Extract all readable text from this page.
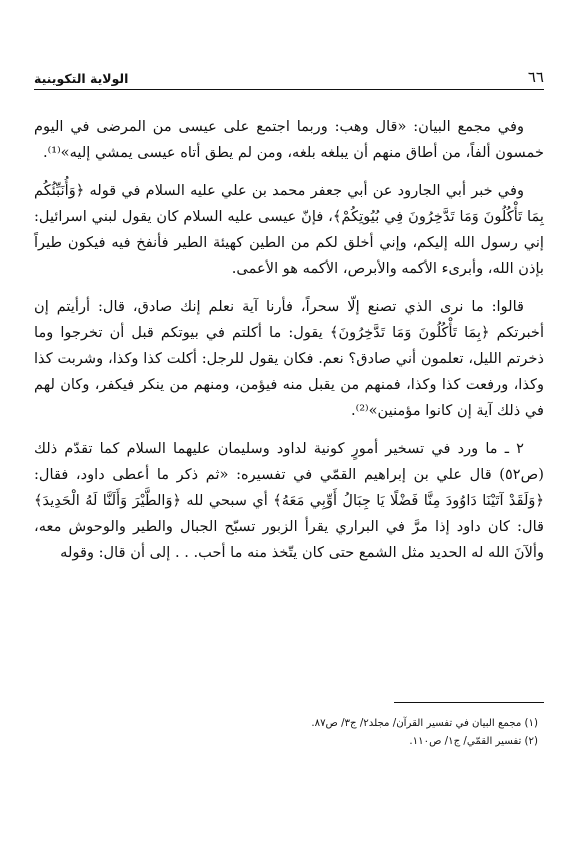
٦٦
الولاية التكوينية

وفي مجمع البيان: «قال وهب: وربما اجتمع على عيسى من المرضى في اليوم خمسون ألفاً، من أطاق منهم أن يبلغه بلغه، ومن لم يطق أتاه عيسى يمشي إليه»⁽¹⁾.

وفي خبر أبي الجارود عن أبي جعفر محمد بن علي عليه السلام في قوله ﴿وَأُنَبِّئُكُم بِمَا تَأْكُلُونَ وَمَا تَدَّخِرُونَ فِي بُيُوتِكُمْ﴾، فإنّ عيسى عليه السلام كان يقول لبني اسرائيل: إني رسول الله إليكم، وإني أخلق لكم من الطين كهيئة الطير فأنفخ فيه فيكون طيراً بإذن الله، وأبرىء الأكمه والأبرص، الأكمه هو الأعمى.

قالوا: ما نرى الذي تصنع إلّا سحراً، فأرنا آية نعلم إنك صادق، قال: أرأيتم إن أخبرتكم ﴿بِمَا تَأْكُلُونَ وَمَا تَدَّخِرُونَ﴾ يقول: ما أكلتم في بيوتكم قبل أن تخرجوا وما ذخرتم الليل، تعلمون أني صادق؟ نعم. فكان يقول للرجل: أكلت كذا وكذا، وشربت كذا وكذا، ورفعت كذا وكذا، فمنهم من يقبل منه فيؤمن، ومنهم من ينكر فيكفر، وكان لهم في ذلك آية إن كانوا مؤمنين»⁽²⁾.

٢ ـ ما ورد في تسخير أمورٍ كونية لداود وسليمان عليهما السلام كما تقدّم ذلك (ص٥٢) قال علي بن إبراهيم القمّي في تفسيره: «ثم ذكر ما أعطى داود، فقال: ﴿وَلَقَدْ آتَيْنَا دَاوُودَ مِنَّا فَضْلًا يَا جِبَالُ أَوِّبِي مَعَهُ﴾ أي سبحي لله ﴿وَالطَّيْرَ وَأَلَنَّا لَهُ الْحَدِيدَ﴾ قال: كان داود إذا مرَّ في البراري يقرأ الزبور تسبّح الجبال والطير والوحوش معه، وألآنَ الله له الحديد مثل الشمع حتى كان يتّخذ منه ما أحب. . . إلى أن قال: وقوله

(١) مجمع البيان في تفسير القرآن/ مجلد٢/ ج٣/ ص٨٧.
(٢) تفسير القمّي/ ج١/ ص١١٠.
